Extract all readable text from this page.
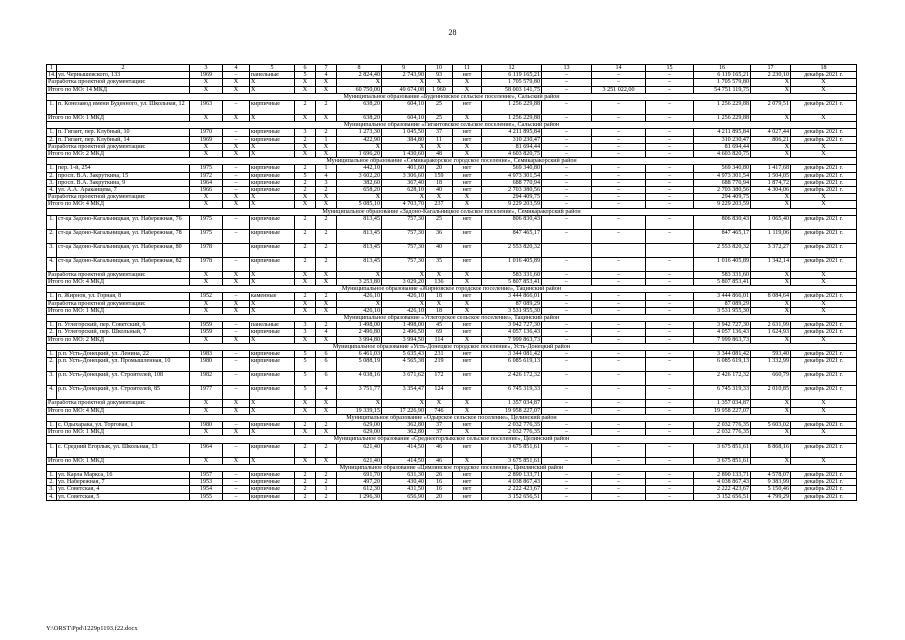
28
1	2	3	4	5	6	7	8	9	10	11	12	13	14	15	16	17	18
14.	ул. Чернышевского, 133	1969	–	панельные	5	4	2 824,40	2 743,90	93	нет	6 119 165,21	–	–	–	6 119 165,21	2 230,10	декабрь 2021 г.
Разработка проектной документации:		X	X	X	X	X	X	X	X	X	1 705 579,80	–	–	–	1 705 579,80	X	X
Итого по МО: 14 МКД		X	X	X	X	X	60 750,00	49 674,08	1 960	X	58 003 141,75	–	3 251 022,00	–	54 751 119,75	X	X
Муниципальное образование «Буденновское сельское поселение», Сальский район																	
1.	п. Конезавод имени Буденного, ул. Школьная, 12	1963	–	кирпичные	2	2	638,20	604,10	25	нет	1 256 229,88	–	–	–	1 256 229,88	2 079,51	декабрь 2021 г.
Итого по МО: 1 МКД		X	X	X	X	X	638,20	604,10	25	X	1 256 229,88	–	–	–	1 256 229,88	X	X
Муниципальное образование «Гигантовское сельское поселение», Сальский район																	
1.	п. Гигант, пер. Клубный, 10	1970	–	кирпичные	3	2	1 273,30	1 045,50	37	нет	4 211 895,84	–	–	–	4 211 895,84	4 027,44	декабрь 2021 г.
2.	п. Гигант, пер. Клубный, 14	1969	–	кирпичные	2	1	422,90	384,80	11	нет	310 230,47	–	–	–	310 230,47	806,21	декабрь 2021 г.
Разработка проектной документации:		X	X	X	X	X	X	X	X	X	81 694,44	–	–	–	81 694,44	X	X
Итого по МО: 2 МКД		X	X	X	X	X	1 696,20	1 430,60	48	X	4 603 820,75	–	–	–	4 603 820,75	X	X
Муниципальное образование «Семикаракорское городское поселение», Семикаракорский район																	
1.	пер. 1-й, 254	1975	–	кирпичные	2	1	442,10	401,60	20	нет	569 340,80	–	–	–	569 340,80	1 417,68	декабрь 2021 г.
2.	просп. В.А. Закруткина, 15	1972	–	кирпичные	5	4	3 602,20	3 306,60	159	нет	4 973 301,54	–	–	–	4 973 301,54	1 504,05	декабрь 2021 г.
3.	просп. В.А. Закруткина, 9	1964	–	кирпичные	2	3	382,60	367,40	18	нет	688 770,94	–	–	–	688 770,94	1 874,72	декабрь 2021 г.
4.	ул. А.А. Араканцева, 7	1966	–	кирпичные	2	2	658,20	628,10	40	нет	2 703 380,56	–	–	–	2 703 380,56	4 304,06	декабрь 2021 г.
Разработка проектной документации:		X	X	X	X	X	X	X	X	X	294 409,75	–	–	–	294 409,75	X	X
Итого по МО: 4 МКД		X	X	X	X	X	5 085,10	4 703,70	237	X	9 229 203,59	–	–	–	9 229 203,59	X	X
Муниципальное образование «Задоно-Кагальницкое сельское поселение», Семикаракорский район																	
1.	ст-ца Задоно-Кагальницкая, ул. Набережная, 76	1975	–	кирпичные	2	2	813,45	757,30	25	нет	806 830,43	–	–	–	806 830,43	1 065,40	декабрь 2021 г.
2.	ст-ца Задоно-Кагальницкая, ул. Набережная, 78	1975	–	кирпичные	2	2	813,45	757,30	36	нет	847 465,17	–	–	–	847 465,17	1 119,06	декабрь 2021 г.
3.	ст-ца Задоно-Кагальницкая, ул. Набережная, 80	1978		кирпичные	2	2	813,45	757,30	40	нет	2 553 820,32				2 553 820,32	3 372,27	декабрь 2021 г.
4.	ст-ца Задоно-Кагальницкая, ул. Набережная, 82	1978	–	кирпичные	2	2	813,45	757,30	35	нет	1 016 405,89	–	–	–	1 016 405,89	1 342,14	декабрь 2021 г.
Разработка проектной документации:		X	X	X	X	X	X	X	X	X	583 331,60	–	–	–	583 331,60	X	X
Итого по МО: 4 МКД		X	X	X	X	X	3 253,80	3 029,20	136	X	5 807 853,41	–	–	–	5 807 853,41	X	X
Муниципальное образование «Жирновское городское поселение», Тацинский район																	
1.	п. Жирнов, ул. Горная, 8	1952	–	каменные	2	2	426,10	426,10	18	нет	3 444 866,01	–	–	–	3 444 866,01	8 084,64	декабрь 2021 г.
Разработка проектной документации:		X	X	X	X	X	X	X	X	X	87 089,29	–	–	–	87 089,29	X	X
Итого по МО: 1 МКД		X	X	X	X	X	426,10	426,10	18	X	3 531 955,30	–	–	–	3 531 955,30	X	X
Муниципальное образование «Углегорское сельское поселение», Тацинский район																	
1.	п. Углегорский, пер. Советский, 6	1959	–	панельные	3	2	1 498,00	1 498,00	45	нет	3 942 727,30	–	–	–	3 942 727,30	2 631,99	декабрь 2021 г.
2.	п. Углегорский, пер. Школьный, 7	1959	–	кирпичные	3	4	2 496,80	2 496,50	69	нет	4 057 136,43	–	–	–	4 057 136,43	1 624,93	декабрь 2021 г.
Итого по МО: 2 МКД		X	X	X	X	X	3 994,80	3 994,50	114	X	7 999 863,73	–	–	–	7 999 863,73	X	X
Муниципальное образование «Усть-Донецкое городское поселение», Усть-Донецкий район																	
1.	р.п. Усть-Донецкий, ул. Ленина, 22	1983	–	кирпичные	5	6	6 461,03	5 635,43	231	нет	3 344 081,42	–	–	–	3 344 081,42	593,40	декабрь 2021 г.
2.	р.п. Усть-Донецкий, ул. Промышленная, 10	1980	–	кирпичные	5	6	5 088,19	4 565,38	219	нет	6 085 619,13	–	–	–	6 085 619,13	1 332,99	декабрь 2021 г.
3.	р.п. Усть-Донецкий, ул. Строителей, 108	1982	–	кирпичные	5	6	4 038,16	3 671,62	172	нет	2 426 172,32	–	–	–	2 426 172,32	660,79	декабрь 2021 г.
4.	р.п. Усть-Донецкий, ул. Строителей, 85	1977	–	кирпичные	5	4	3 751,77	3 354,47	124	нет	6 745 319,33	–	–	–	6 745 319,33	2 010,85	декабрь 2021 г.
Разработка проектной документации:		X	X	X	X	X	X	X	X	X	1 357 034,87	–	–	–	1 357 034,87	X	X
Итого по МО: 4 МКД		X	X	X	X	X	19 339,15	17 226,90	746	X	19 958 227,07	–	–	–	19 958 227,07	X	X
Муниципальное образование «Одырское сельское поселение», Целинский район																	
1.	с. Одыхарака, ул. Торговая, 1	1980	–	кирпичные	2	2	629,00	362,80	37	нет	2 032 776,35	–	–	–	2 032 776,35	5 603,02	декабрь 2021 г.
Итого по МО: 1 МКД		X	X	X	X	X	629,00	362,80	37	X	2 032 776,35	–	–	–	2 032 776,35	X	X
Муниципальное образование «Среднеегорлыкское сельское поселение», Целинский район																	
1.	с. Средний Егорлык, ул. Школьная, 13	1964	–	кирпичные	2	2	621,40	414,50	46	нет	3 675 851,61	–	–	–	3 675 851,61	8 868,16	декабрь 2021 г.
Итого по МО: 1 МКД		X	X	X	X	X	621,40	414,50	46	X	3 675 851,61	–	–	–	3 675 851,61	X	X
Муниципальное образование «Цимлянское городское поселение», Цимлянский район																	
1.	ул. Карла Маркса, 16	1957	–	кирпичные	2	2	691,70	631,30	26	нет	2 890 133,71	–	–	–	2 890 133,71	4 578,07	декабрь 2021 г.
2.	ул. Набережная, 7	1953	–	кирпичные	2	2	497,20	430,40	16	нет	4 038 867,43	–	–	–	4 038 867,43	9 383,99	декабрь 2021 г.
3.	ул. Советская, 4	1954	–	кирпичные	2	1	612,30	431,50	16	нет	2 222 423,67	–	–	–	2 222 423,67	5 150,46	декабрь 2021 г.
4.	ул. Советская, 5	1955	–	кирпичные	2	2	1 296,30	656,90	20	нет	3 152 656,51	–	–	–	3 152 656,51	4 799,29	декабрь 2021 г.
Y:\ORST\Ppd\1229p1193.f22.docx
